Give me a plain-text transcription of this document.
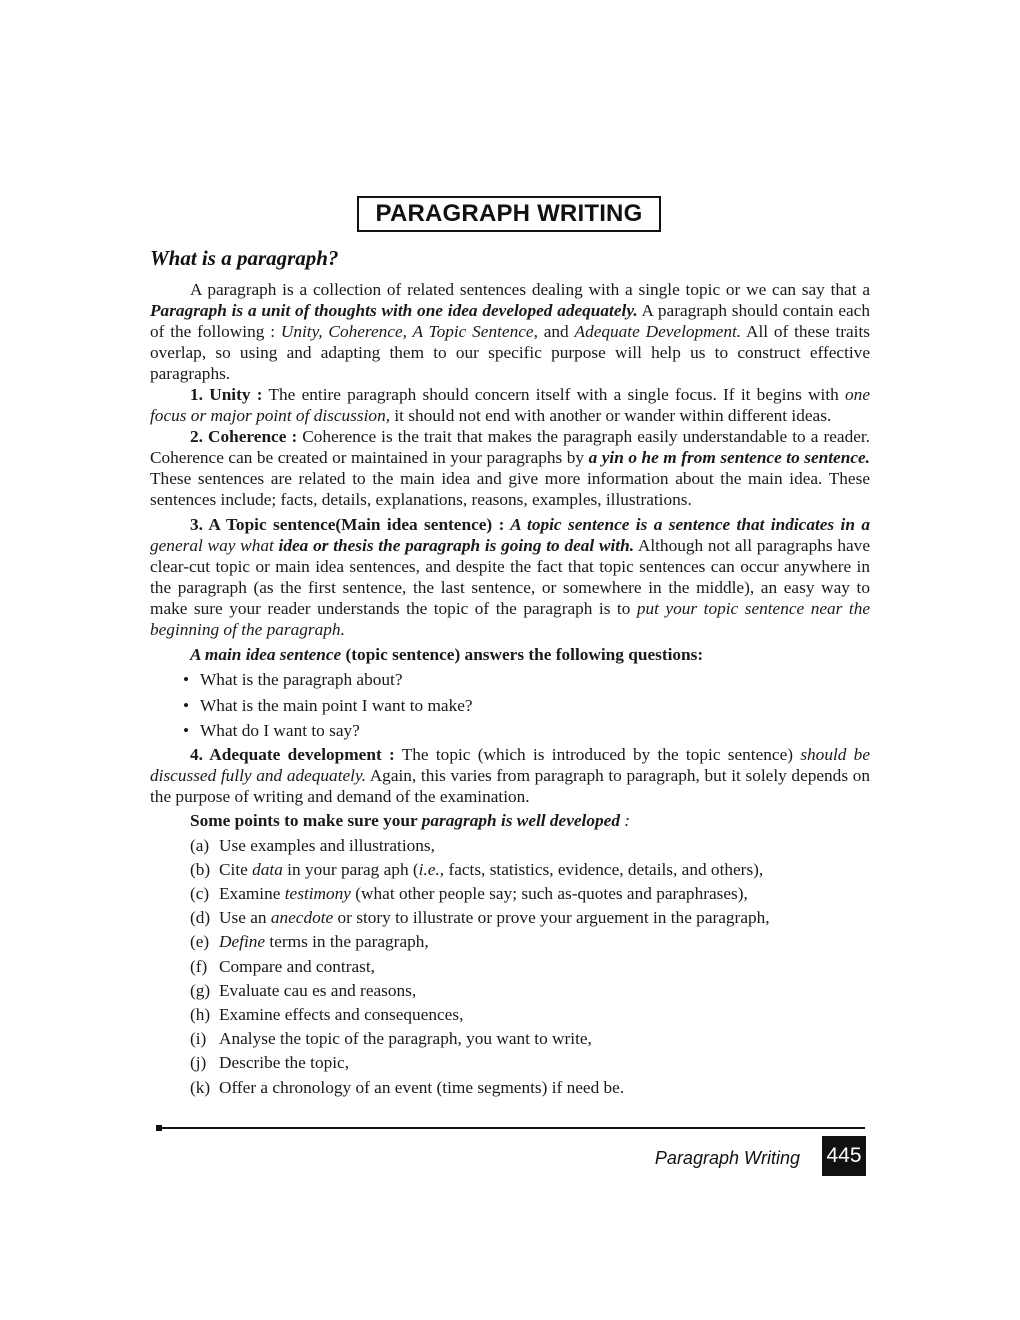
PARAGRAPH WRITING
What is a paragraph?

A paragraph is a collection of related sentences dealing with a single topic or we can say that a Paragraph is a unit of thoughts with one idea developed adequately. A paragraph should contain each of the following : Unity, Coherence, A Topic Sentence, and Adequate Development. All of these traits overlap, so using and adapting them to our specific purpose will help us to construct effective paragraphs.

1. Unity : The entire paragraph should concern itself with a single focus. If it begins with one focus or major point of discussion, it should not end with another or wander within different ideas.

2. Coherence : Coherence is the trait that makes the paragraph easily understandable to a reader. Coherence can be created or maintained in your paragraphs by a yin o he m from sentence to sentence. These sentences are related to the main idea and give more information about the main idea. These sentences include; facts, details, explanations, reasons, examples, illustrations.

3. A Topic sentence(Main idea sentence) : A topic sentence is a sentence that indicates in a general way what idea or thesis the paragraph is going to deal with. Although not all paragraphs have clear-cut topic or main idea sentences, and despite the fact that topic sentences can occur anywhere in the paragraph (as the first sentence, the last sentence, or somewhere in the middle), an easy way to make sure your reader understands the topic of the paragraph is to put your topic sentence near the beginning of the paragraph.

A main idea sentence (topic sentence) answers the following questions:

• What is the paragraph about?
• What is the main point I want to make?
• What do I want to say?

4. Adequate development : The topic (which is introduced by the topic sentence) should be discussed fully and adequately. Again, this varies from paragraph to paragraph, but it solely depends on the purpose of writing and demand of the examination.

Some points to make sure your paragraph is well developed :

(a) Use examples and illustrations,
(b) Cite data in your parag aph (i.e., facts, statistics, evidence, details, and others),
(c) Examine testimony (what other people say; such as-quotes and paraphrases),
(d) Use an anecdote or story to illustrate or prove your arguement in the paragraph,
(e) Define terms in the paragraph,
(f) Compare and contrast,
(g) Evaluate cau es and reasons,
(h) Examine effects and consequences,
(i) Analyse the topic of the paragraph, you want to write,
(j) Describe the topic,
(k) Offer a chronology of an event (time segments) if need be.
Paragraph Writing 445
